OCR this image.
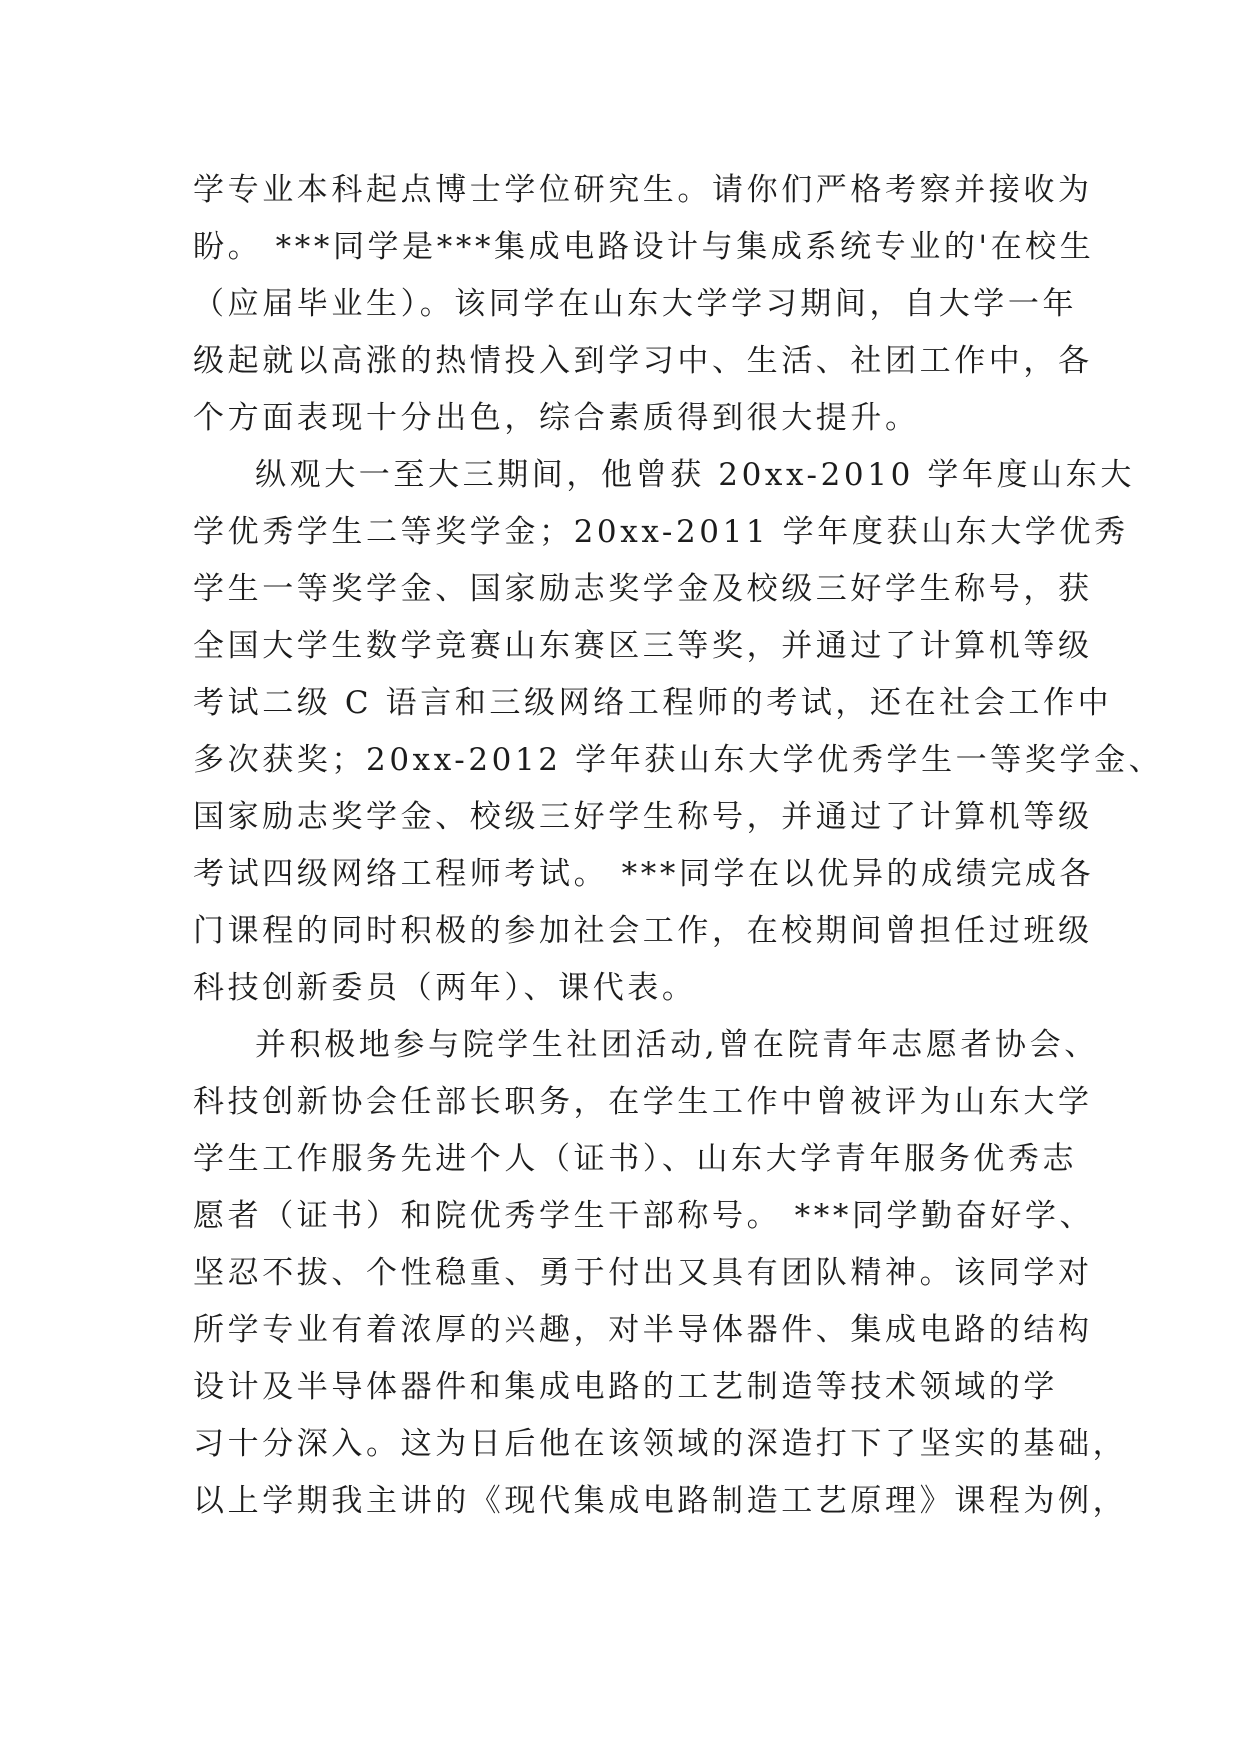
学专业本科起点博士学位研究生。请你们严格考察并接收为
盼。 ***同学是***集成电路设计与集成系统专业的'在校生
（应届毕业生）。该同学在山东大学学习期间，自大学一年
级起就以高涨的热情投入到学习中、生活、社团工作中，各
个方面表现十分出色，综合素质得到很大提升。
纵观大一至大三期间，他曾获 20xx-2010 学年度山东大
学优秀学生二等奖学金；20xx-2011 学年度获山东大学优秀
学生一等奖学金、国家励志奖学金及校级三好学生称号，获
全国大学生数学竞赛山东赛区三等奖，并通过了计算机等级
考试二级 C 语言和三级网络工程师的考试，还在社会工作中
多次获奖；20xx-2012 学年获山东大学优秀学生一等奖学金、
国家励志奖学金、校级三好学生称号，并通过了计算机等级
考试四级网络工程师考试。 ***同学在以优异的成绩完成各
门课程的同时积极的参加社会工作，在校期间曾担任过班级
科技创新委员（两年）、课代表。
并积极地参与院学生社团活动,曾在院青年志愿者协会、
科技创新协会任部长职务，在学生工作中曾被评为山东大学
学生工作服务先进个人（证书）、山东大学青年服务优秀志
愿者（证书）和院优秀学生干部称号。 ***同学勤奋好学、
坚忍不拔、个性稳重、勇于付出又具有团队精神。该同学对
所学专业有着浓厚的兴趣，对半导体器件、集成电路的结构
设计及半导体器件和集成电路的工艺制造等技术领域的学
习十分深入。这为日后他在该领域的深造打下了坚实的基础，
以上学期我主讲的《现代集成电路制造工艺原理》课程为例，
